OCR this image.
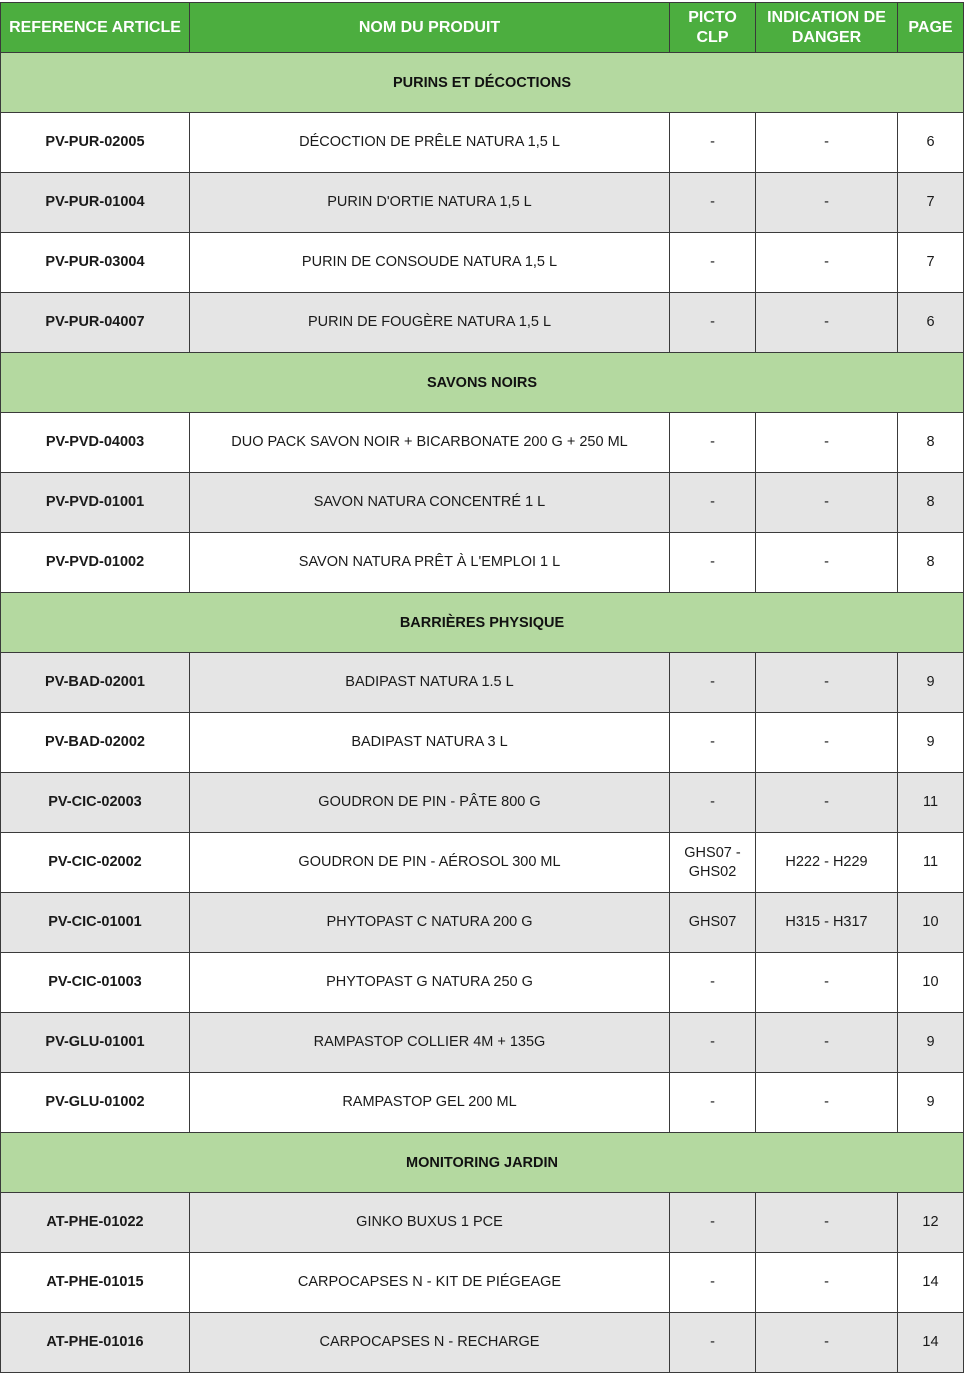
REFERENCE ARTICLE	NOM DU PRODUIT	PICTO CLP	INDICATION DE DANGER	PAGE
PURINS ET DÉCOCTIONS				
PV-PUR-02005	DÉCOCTION DE PRÊLE NATURA 1,5 L	-	-	6
PV-PUR-01004	PURIN D'ORTIE NATURA 1,5 L	-	-	7
PV-PUR-03004	PURIN DE CONSOUDE NATURA 1,5 L	-	-	7
PV-PUR-04007	PURIN DE FOUGÈRE NATURA 1,5 L	-	-	6
SAVONS NOIRS				
PV-PVD-04003	DUO PACK SAVON NOIR + BICARBONATE 200 G + 250 ML	-	-	8
PV-PVD-01001	SAVON NATURA CONCENTRÉ 1 L	-	-	8
PV-PVD-01002	SAVON NATURA PRÊT À L'EMPLOI 1 L	-	-	8
BARRIÈRES PHYSIQUE				
PV-BAD-02001	BADIPAST NATURA 1.5 L	-	-	9
PV-BAD-02002	BADIPAST NATURA 3 L	-	-	9
PV-CIC-02003	GOUDRON DE PIN - PÂTE 800 G	-	-	11
PV-CIC-02002	GOUDRON DE PIN - AÉROSOL 300 ML	GHS07 - GHS02	H222 - H229	11
PV-CIC-01001	PHYTOPAST C NATURA 200 G	GHS07	H315 - H317	10
PV-CIC-01003	PHYTOPAST G NATURA 250 G	-	-	10
PV-GLU-01001	RAMPASTOP COLLIER 4M + 135G	-	-	9
PV-GLU-01002	RAMPASTOP GEL 200 ML	-	-	9
MONITORING JARDIN				
AT-PHE-01022	GINKO BUXUS 1 PCE	-	-	12
AT-PHE-01015	CARPOCAPSES N - KIT DE PIÉGEAGE	-	-	14
AT-PHE-01016	CARPOCAPSES N - RECHARGE	-	-	14
